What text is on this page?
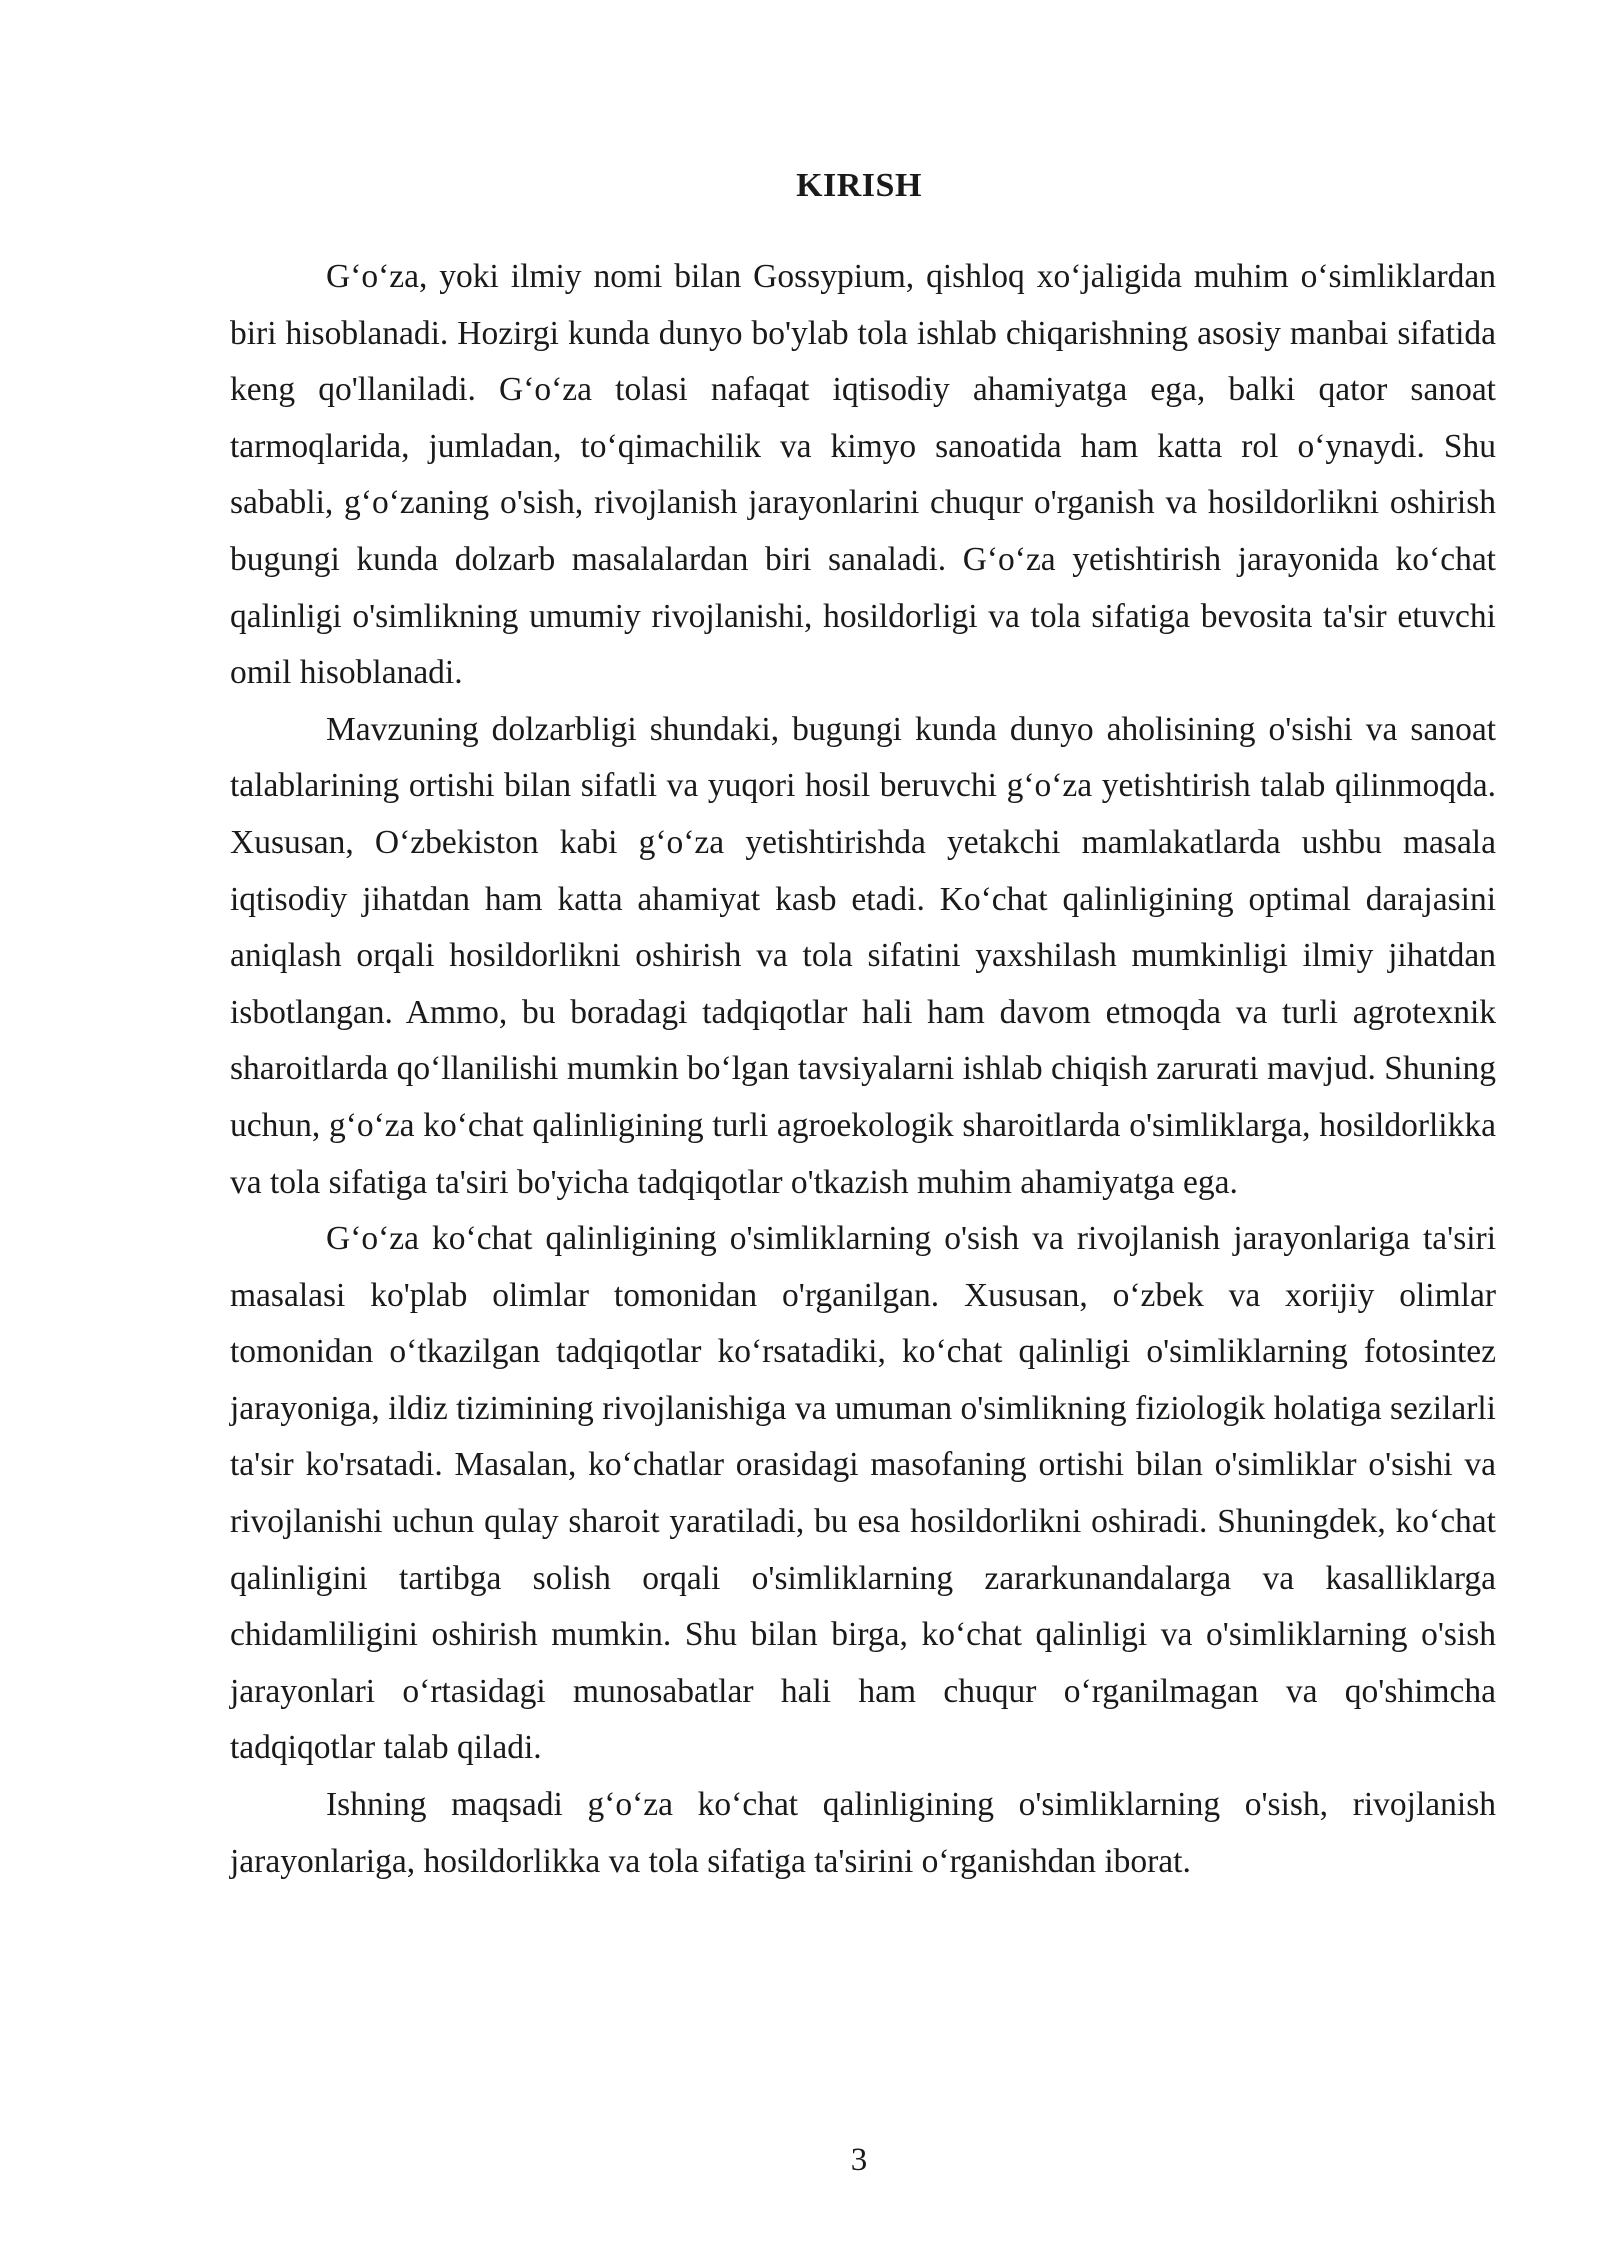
KIRISH

G‘o‘za, yoki ilmiy nomi bilan Gossypium, qishloq xo‘jaligida muhim o‘simliklardan biri hisoblanadi. Hozirgi kunda dunyo bo'ylab tola ishlab chiqarishning asosiy manbai sifatida keng qo'llaniladi. G‘o‘za tolasi nafaqat iqtisodiy ahamiyatga ega, balki qator sanoat tarmoqlarida, jumladan, to‘qimachilik va kimyo sanoatida ham katta rol o‘ynaydi. Shu sababli, g‘o‘zaning o'sish, rivojlanish jarayonlarini chuqur o'rganish va hosildorlikni oshirish bugungi kunda dolzarb masalalardan biri sanaladi. G‘o‘za yetishtirish jarayonida ko‘chat qalinligi o'simlikning umumiy rivojlanishi, hosildorligi va tola sifatiga bevosita ta'sir etuvchi omil hisoblanadi.

Mavzuning dolzarbligi shundaki, bugungi kunda dunyo aholisining o'sishi va sanoat talablarining ortishi bilan sifatli va yuqori hosil beruvchi g‘o‘za yetishtirish talab qilinmoqda. Xususan, O‘zbekiston kabi g‘o‘za yetishtirishda yetakchi mamlakatlarda ushbu masala iqtisodiy jihatdan ham katta ahamiyat kasb etadi. Ko‘chat qalinligining optimal darajasini aniqlash orqali hosildorlikni oshirish va tola sifatini yaxshilash mumkinligi ilmiy jihatdan isbotlangan. Ammo, bu boradagi tadqiqotlar hali ham davom etmoqda va turli agrotexnik sharoitlarda qo‘llanilishi mumkin bo‘lgan tavsiyalarni ishlab chiqish zarurati mavjud. Shuning uchun, g‘o‘za ko‘chat qalinligining turli agroekologik sharoitlarda o'simliklarga, hosildorlikka va tola sifatiga ta'siri bo'yicha tadqiqotlar o'tkazish muhim ahamiyatga ega.

G‘o‘za ko‘chat qalinligining o'simliklarning o'sish va rivojlanish jarayonlariga ta'siri masalasi ko'plab olimlar tomonidan o'rganilgan. Xususan, o‘zbek va xorijiy olimlar tomonidan o‘tkazilgan tadqiqotlar ko‘rsatadiki, ko‘chat qalinligi o'simliklarning fotosintez jarayoniga, ildiz tizimining rivojlanishiga va umuman o'simlikning fiziologik holatiga sezilarli ta'sir ko'rsatadi. Masalan, ko‘chatlar orasidagi masofaning ortishi bilan o'simliklar o'sishi va rivojlanishi uchun qulay sharoit yaratiladi, bu esa hosildorlikni oshiradi. Shuningdek, ko‘chat qalinligini tartibga solish orqali o'simliklarning zararkunandalarga va kasalliklarga chidamliligini oshirish mumkin. Shu bilan birga, ko‘chat qalinligi va o'simliklarning o'sish jarayonlari o‘rtasidagi munosabatlar hali ham chuqur o‘rganilmagan va qo'shimcha tadqiqotlar talab qiladi.

Ishning maqsadi g‘o‘za ko‘chat qalinligining o'simliklarning o'sish, rivojlanish jarayonlariga, hosildorlikka va tola sifatiga ta'sirini o‘rganishdan iborat.

3
